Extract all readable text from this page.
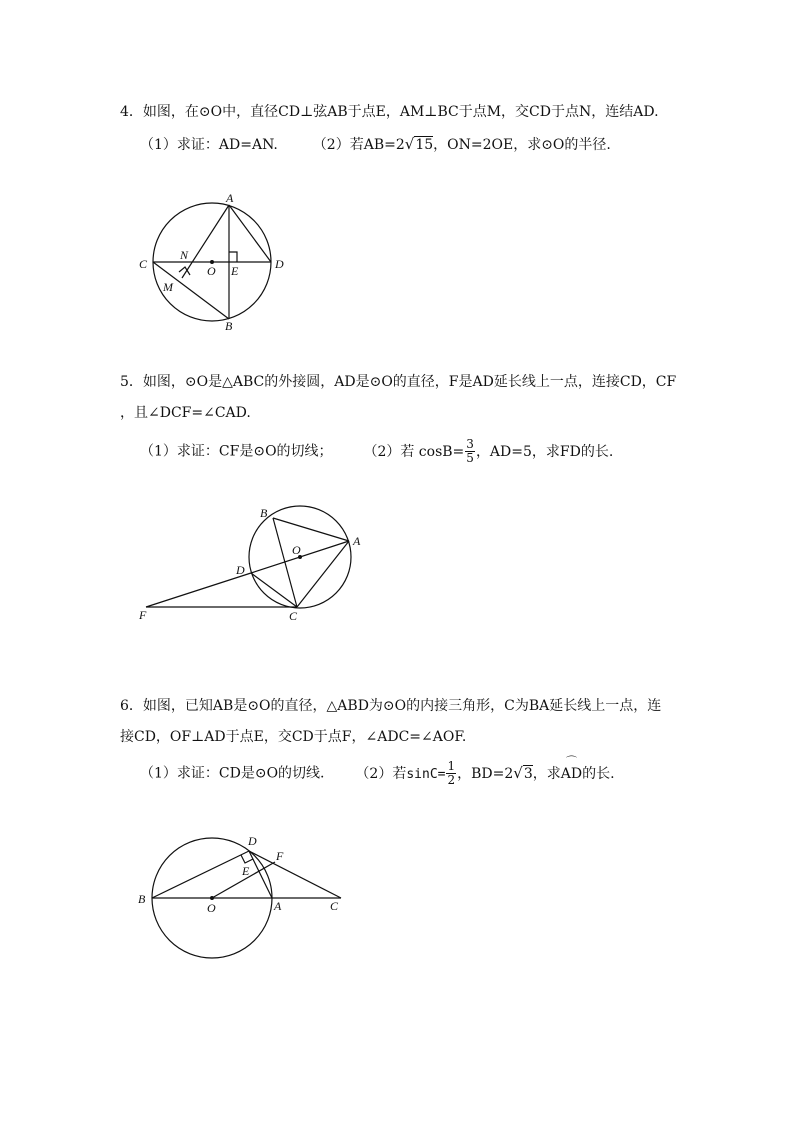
4．如图，在⊙O中，直径CD⊥弦AB于点E，AM⊥BC于点M，交CD于点N，连结AD.
（1）求证：AD=AN. （2）若AB=2√15，ON=2OE，求⊙O的半径.
A
C	D
N
O E
M
B
5．如图，⊙O是△ABC的外接圆，AD是⊙O的直径，F是AD延长线上一点，连接CD，CF
，且∠DCF=∠CAD.
（1）求证：CF是⊙O的切线； （2）若 $\cos B= \frac{3}{5}$ ，AD=5，求FD的长.
B
A
O
D
F	C
6．如图，已知AB是⊙O的直径，△ABD为⊙O的内接三角形，C为BA延长线上一点，连
接CD，OF⊥AD于点E，交CD于点F，∠ADC=∠AOF.
（1）求证：CD是⊙O的切线. （2）若$\sin C= \frac{1}{2}$ ，BD=2√3，求
⌒
AD的长.
D
F
E
B
O	A	C
